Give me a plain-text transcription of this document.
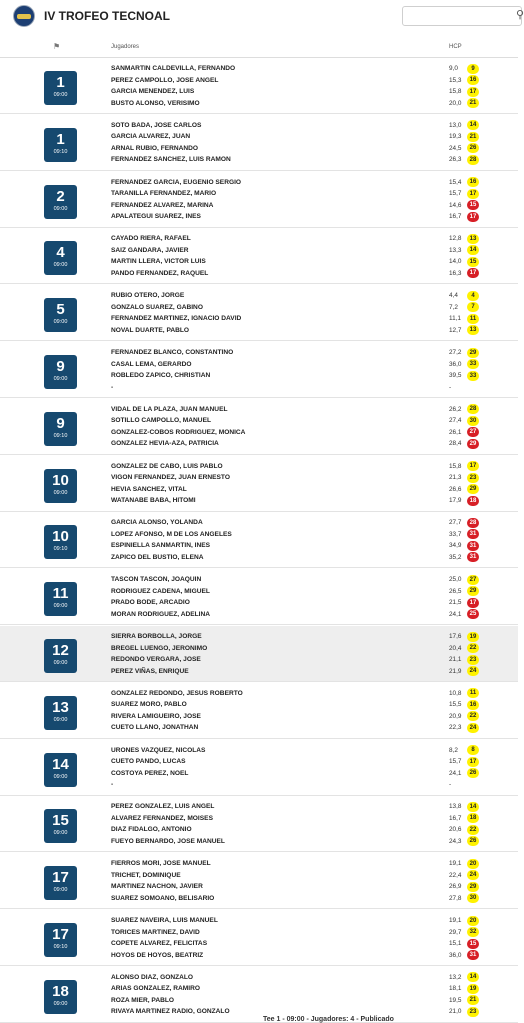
IV TROFEO TECNOAL	⚲
⚑	Jugadores	HCP
1
09:00
SANMARTIN CALDEVILLA, FERNANDO	9,0	9
PEREZ CAMPOLLO, JOSE ANGEL	15,3	16
GARCIA MENENDEZ, LUIS	15,8	17
BUSTO ALONSO, VERISIMO	20,0	21
1
09:10
SOTO BADA, JOSE CARLOS	13,0	14
GARCIA ALVAREZ, JUAN	19,3	21
ARNAL RUBIO, FERNANDO	24,5	26
FERNANDEZ SANCHEZ, LUIS RAMON	26,3	28
2
09:00
FERNANDEZ GARCIA, EUGENIO SERGIO	15,4	16
TARANILLA FERNANDEZ, MARIO	15,7	17
FERNANDEZ ALVAREZ, MARINA	14,6	15
APALATEGUI SUAREZ, INES	16,7	17
4
09:00
CAYADO RIERA, RAFAEL	12,8	13
SAIZ GANDARA, JAVIER	13,3	14
MARTIN LLERA, VICTOR LUIS	14,0	15
PANDO FERNANDEZ, RAQUEL	16,3	17
5
09:00
RUBIO OTERO, JORGE	4,4	4
GONZALO SUAREZ, GABINO	7,2	7
FERNANDEZ MARTINEZ, IGNACIO DAVID	11,1	11
NOVAL DUARTE, PABLO	12,7	13
9
09:00
FERNANDEZ BLANCO, CONSTANTINO	27,2	29
CASAL LEMA, GERARDO	36,0	33
ROBLEDO ZAPICO, CHRISTIAN	39,5	33
-	-
9
09:10
VIDAL DE LA PLAZA, JUAN MANUEL	26,2	28
SOTILLO CAMPOLLO, MANUEL	27,4	30
GONZALEZ-COBOS RODRIGUEZ, MONICA	26,1	27
GONZALEZ HEVIA-AZA, PATRICIA	28,4	29
10
09:00
GONZALEZ DE CABO, LUIS PABLO	15,8	17
VIGON FERNANDEZ, JUAN ERNESTO	21,3	23
HEVIA SANCHEZ, VITAL	26,6	29
WATANABE BABA, HITOMI	17,9	18
10
09:10
GARCIA ALONSO, YOLANDA	27,7	28
LOPEZ AFONSO, M DE LOS ANGELES	33,7	31
ESPINIELLA SANMARTIN, INES	34,9	31
ZAPICO DEL BUSTIO, ELENA	35,2	31
11
09:00
TASCON TASCON, JOAQUIN	25,0	27
RODRIGUEZ CADENA, MIGUEL	26,5	29
PRADO BODE, ARCADIO	21,5	17
MORAN RODRIGUEZ, ADELINA	24,1	25
12
09:00
SIERRA BORBOLLA, JORGE	17,6	19
BREGEL LUENGO, JERONIMO	20,4	22
REDONDO VERGARA, JOSE	21,1	23
PEREZ VIÑAS, ENRIQUE	21,9	24
13
09:00
GONZALEZ REDONDO, JESUS ROBERTO	10,8	11
SUAREZ MORO, PABLO	15,5	16
RIVERA LAMIGUEIRO, JOSE	20,9	22
CUETO LLANO, JONATHAN	22,3	24
14
09:00
URONES VAZQUEZ, NICOLAS	8,2	8
CUETO PANDO, LUCAS	15,7	17
COSTOYA PEREZ, NOEL	24,1	26
-	-
15
09:00
PEREZ GONZALEZ, LUIS ANGEL	13,8	14
ALVAREZ FERNANDEZ, MOISES	16,7	18
DIAZ FIDALGO, ANTONIO	20,6	22
FUEYO BERNARDO, JOSE MANUEL	24,3	26
17
09:00
FIERROS MORI, JOSE MANUEL	19,1	20
TRICHET, DOMINIQUE	22,4	24
MARTINEZ NACHON, JAVIER	26,9	29
SUAREZ SOMOANO, BELISARIO	27,8	30
17
09:10
SUAREZ NAVEIRA, LUIS MANUEL	19,1	20
TORICES MARTINEZ, DAVID	29,7	32
COPETE ALVAREZ, FELICITAS	15,1	15
HOYOS DE HOYOS, BEATRIZ	36,0	31
18
09:00
ALONSO DIAZ, GONZALO	13,2	14
ARIAS GONZALEZ, RAMIRO	18,1	19
ROZA MIER, PABLO	19,5	21
RIVAYA MARTINEZ RADIO, GONZALO	21,0	23
Tee 1 - 09:00 - Jugadores: 4 - Publicado
